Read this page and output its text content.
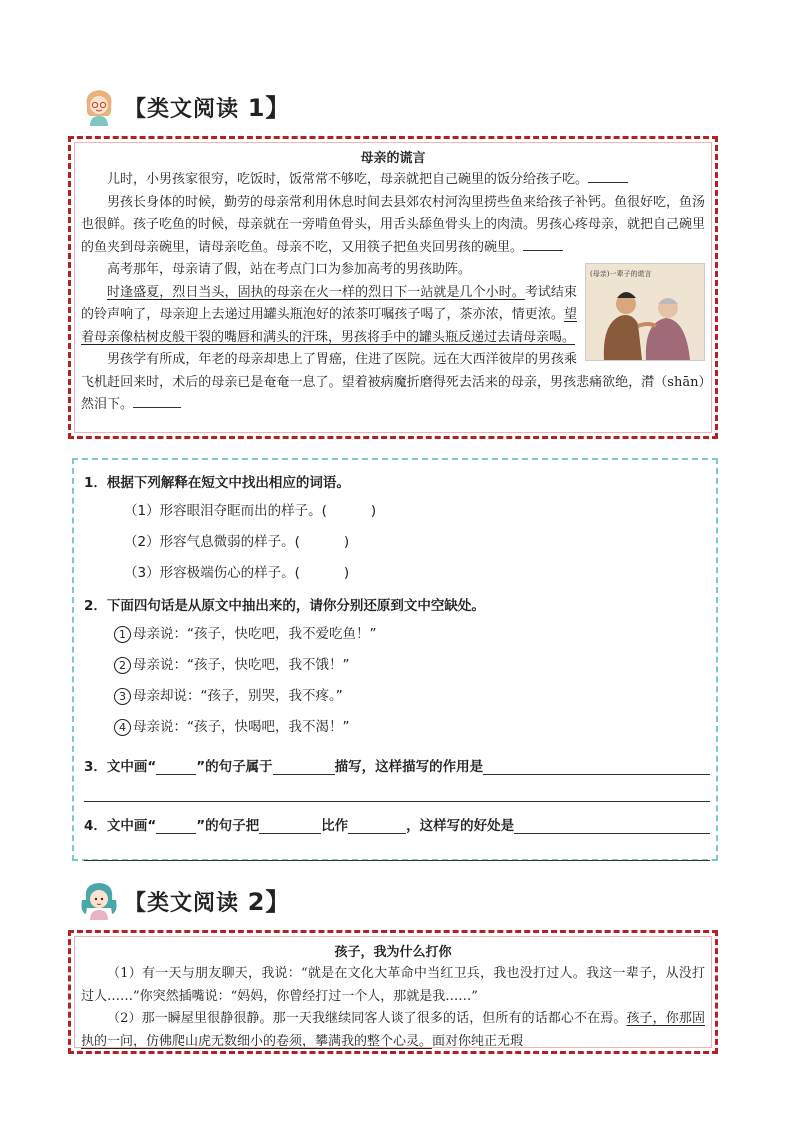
【类文阅读 1】
母亲的谎言

儿时，小男孩家很穷，吃饭时，饭常常不够吃，母亲就把自己碗里的饭分给孩子吃。

男孩长身体的时候，勤劳的母亲常利用休息时间去县郊农村河沟里捞些鱼来给孩子补钙。鱼很好吃，鱼汤也很鲜。孩子吃鱼的时候，母亲就在一旁啃鱼骨头，用舌头舔鱼骨头上的肉渍。男孩心疼母亲，就把自己碗里的鱼夹到母亲碗里，请母亲吃鱼。母亲不吃，又用筷子把鱼夹回男孩的碗里。

(母亲)一辈子的谎言

高考那年，母亲请了假，站在考点门口为参加高考的男孩助阵。

时逢盛夏，烈日当头，固执的母亲在火一样的烈日下一站就是几个小时。考试结束的铃声响了，母亲迎上去递过用罐头瓶泡好的浓茶叮嘱孩子喝了，茶亦浓，情更浓。望着母亲像枯树皮般干裂的嘴唇和满头的汗珠，男孩将手中的罐头瓶反递过去请母亲喝。

男孩学有所成，年老的母亲却患上了胃癌，住进了医院。远在大西洋彼岸的男孩乘飞机赶回来时，术后的母亲已是奄奄一息了。望着被病魔折磨得死去活来的母亲，男孩悲痛欲绝，潸（shān）然泪下。

1．根据下列解释在短文中找出相应的词语。
（1）形容眼泪夺眶而出的样子。(	)
（2）形容气息微弱的样子。(	)
（3）形容极端伤心的样子。(	)
2．下面四句话是从原文中抽出来的，请你分别还原到文中空缺处。
1 母亲说：“孩子，快吃吧，我不爱吃鱼！”
2 母亲说：“孩子，快吃吧，我不饿！”
3 母亲却说：“孩子，别哭，我不疼。”
4 母亲说：“孩子，快喝吧，我不渴！”
3．文中画“	”的句子属于	描写，这样描写的作用是
4．文中画“	”的句子把	比作	，这样写的好处是
【类文阅读 2】
孩子，我为什么打你

（1）有一天与朋友聊天，我说：“就是在文化大革命中当红卫兵，我也没打过人。我这一辈子，从没打过人……”你突然插嘴说：“妈妈，你曾经打过一个人，那就是我……”

（2）那一瞬屋里很静很静。那一天我继续同客人谈了很多的话，但所有的话都心不在焉。孩子，你那固执的一问，仿佛爬山虎无数细小的卷须，攀满我的整个心灵。面对你纯正无瑕
